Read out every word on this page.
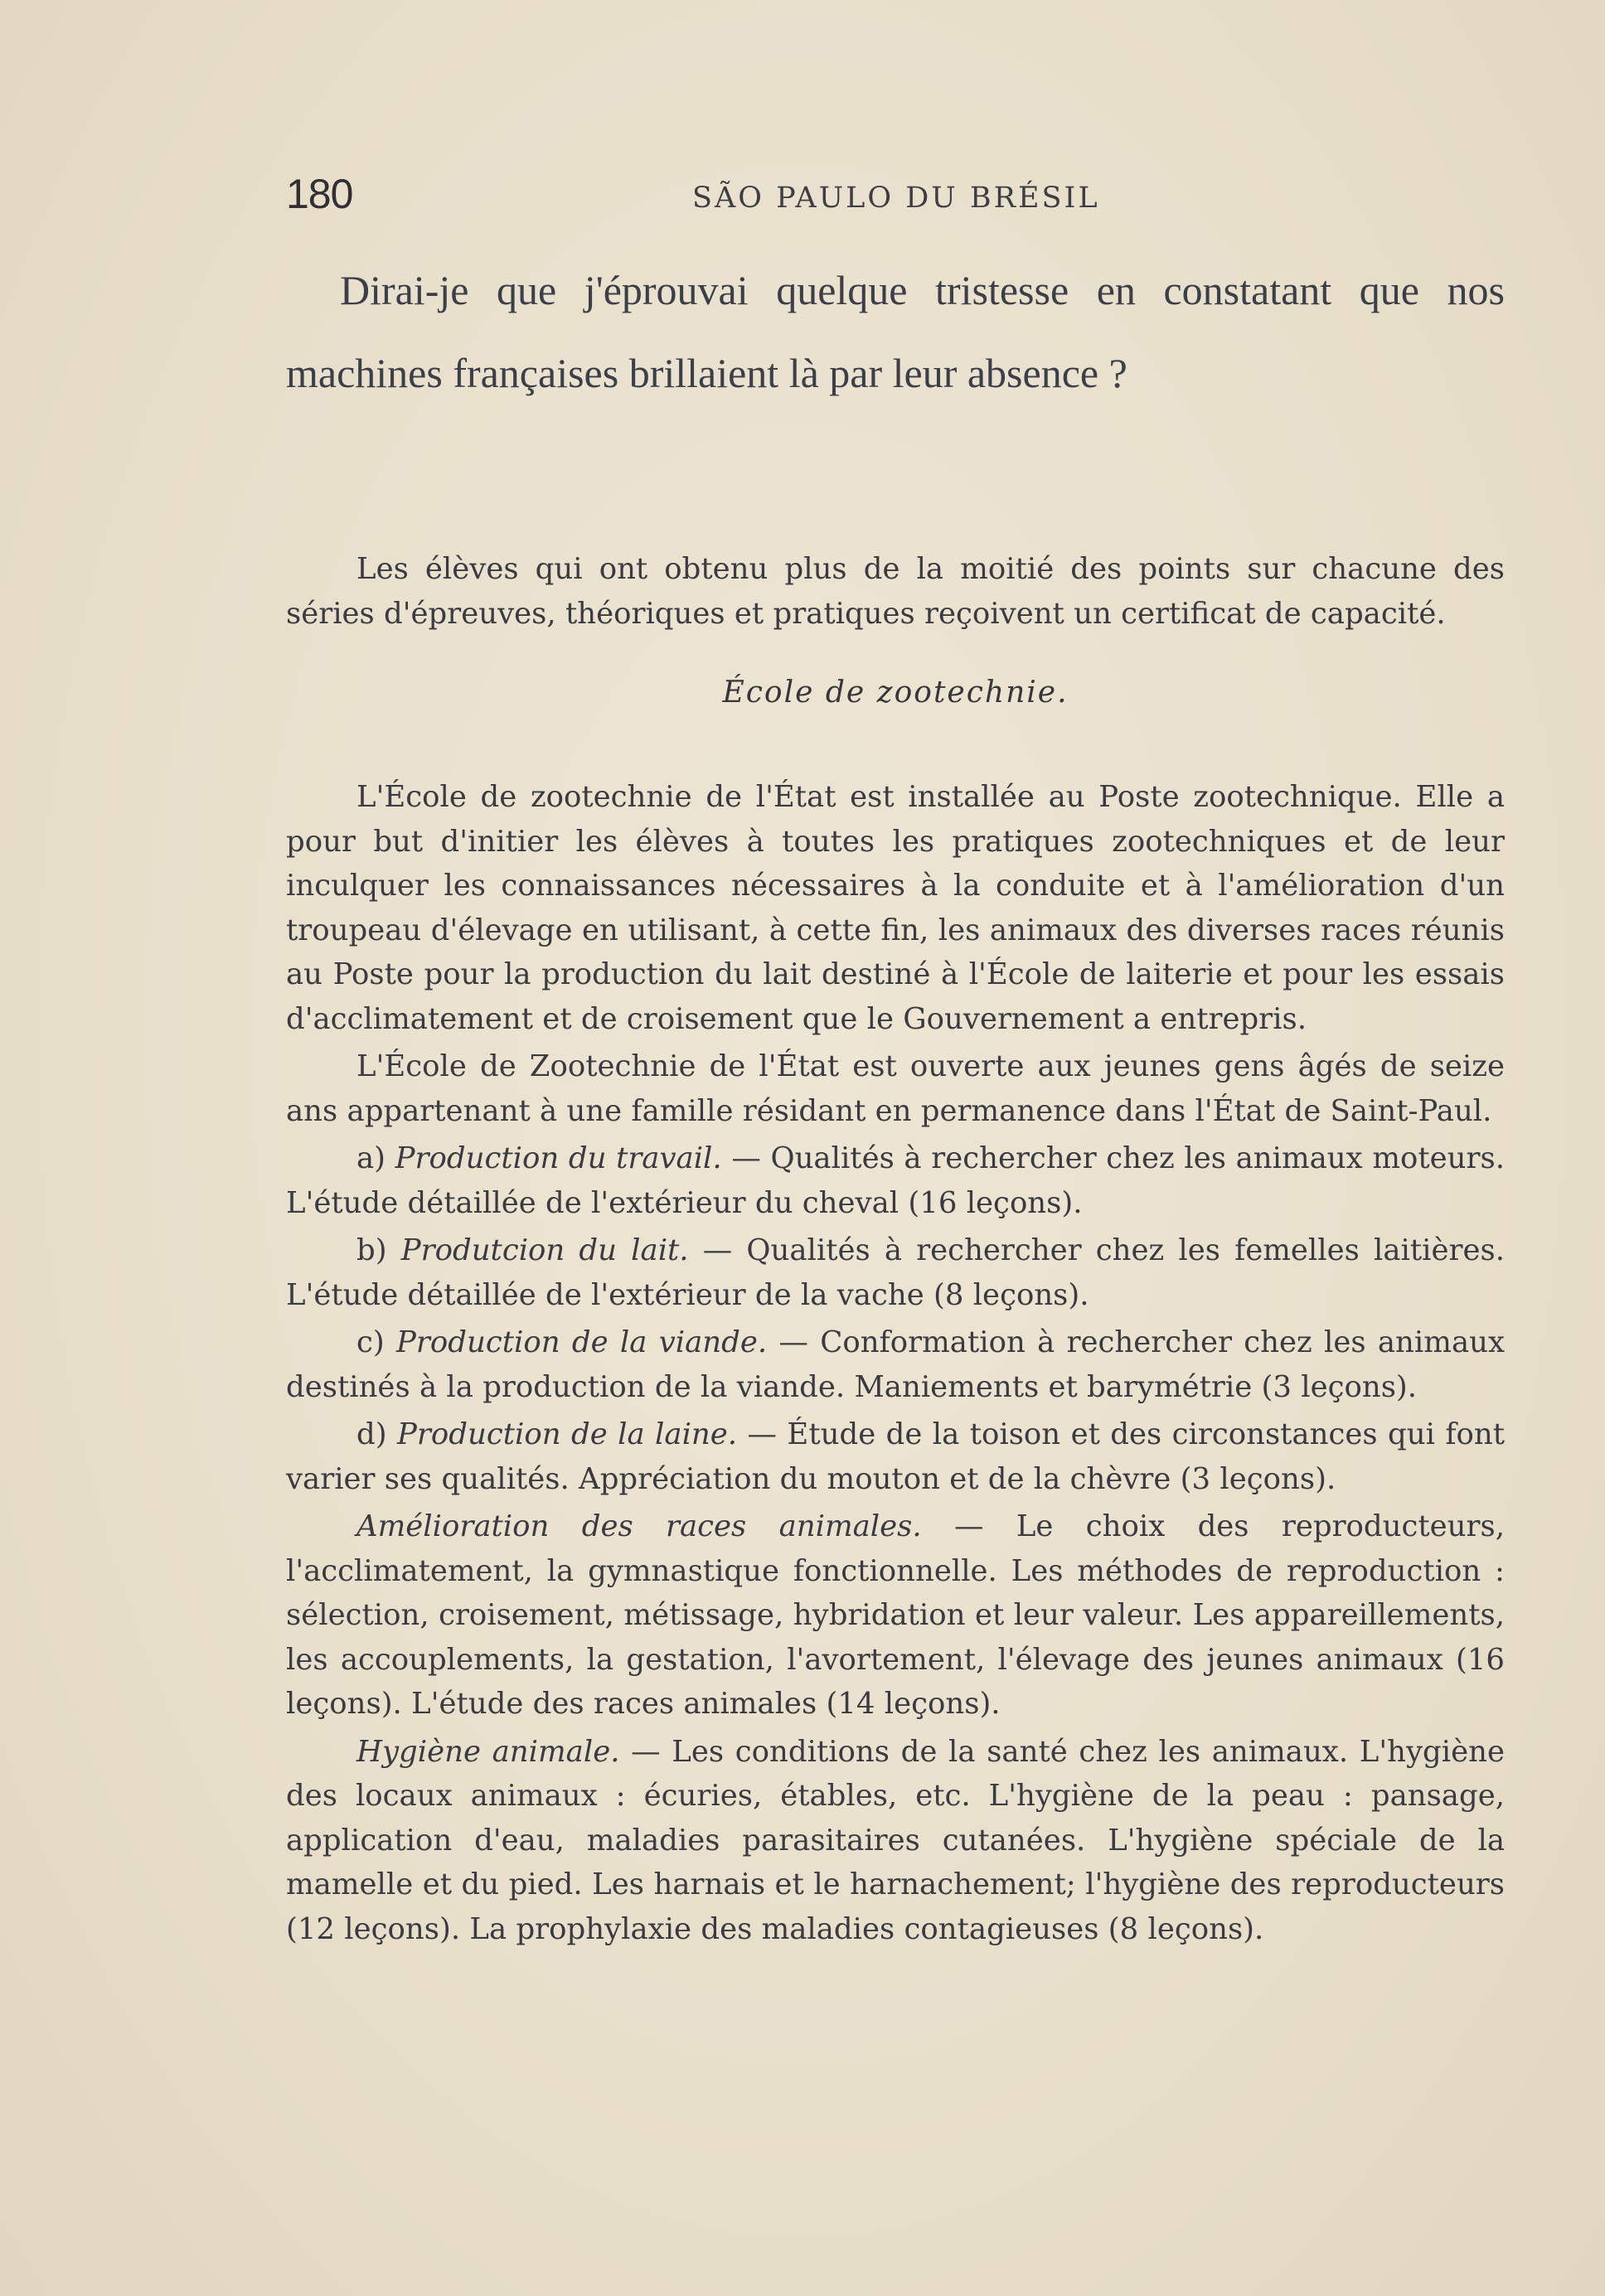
180	SÃO PAULO DU BRÉSIL

Dirai-je que j'éprouvai quelque tristesse en constatant que nos machines françaises brillaient là par leur absence ?

Les élèves qui ont obtenu plus de la moitié des points sur chacune des séries d'épreuves, théoriques et pratiques reçoivent un certificat de capacité.

École de zootechnie.

L'École de zootechnie de l'État est installée au Poste zootechnique. Elle a pour but d'initier les élèves à toutes les pratiques zootechniques et de leur inculquer les connaissances nécessaires à la conduite et à l'amélioration d'un troupeau d'élevage en utilisant, à cette fin, les animaux des diverses races réunis au Poste pour la production du lait destiné à l'École de laiterie et pour les essais d'acclimatement et de croisement que le Gouvernement a entrepris.

L'École de Zootechnie de l'État est ouverte aux jeunes gens âgés de seize ans appartenant à une famille résidant en permanence dans l'État de Saint-Paul.

a) Production du travail. — Qualités à rechercher chez les animaux moteurs. L'étude détaillée de l'extérieur du cheval (16 leçons).

b) Produtcion du lait. — Qualités à rechercher chez les femelles laitières. L'étude détaillée de l'extérieur de la vache (8 leçons).

c) Production de la viande. — Conformation à rechercher chez les animaux destinés à la production de la viande. Maniements et barymétrie (3 leçons).

d) Production de la laine. — Étude de la toison et des circonstances qui font varier ses qualités. Appréciation du mouton et de la chèvre (3 leçons).

Amélioration des races animales. — Le choix des reproducteurs, l'acclimatement, la gymnastique fonctionnelle. Les méthodes de reproduction : sélection, croisement, métissage, hybridation et leur valeur. Les appareillements, les accouplements, la gestation, l'avortement, l'élevage des jeunes animaux (16 leçons). L'étude des races animales (14 leçons).

Hygiène animale. — Les conditions de la santé chez les animaux. L'hygiène des locaux animaux : écuries, étables, etc. L'hygiène de la peau : pansage, application d'eau, maladies parasitaires cutanées. L'hygiène spéciale de la mamelle et du pied. Les harnais et le harnachement; l'hygiène des reproducteurs (12 leçons). La prophylaxie des maladies contagieuses (8 leçons).
